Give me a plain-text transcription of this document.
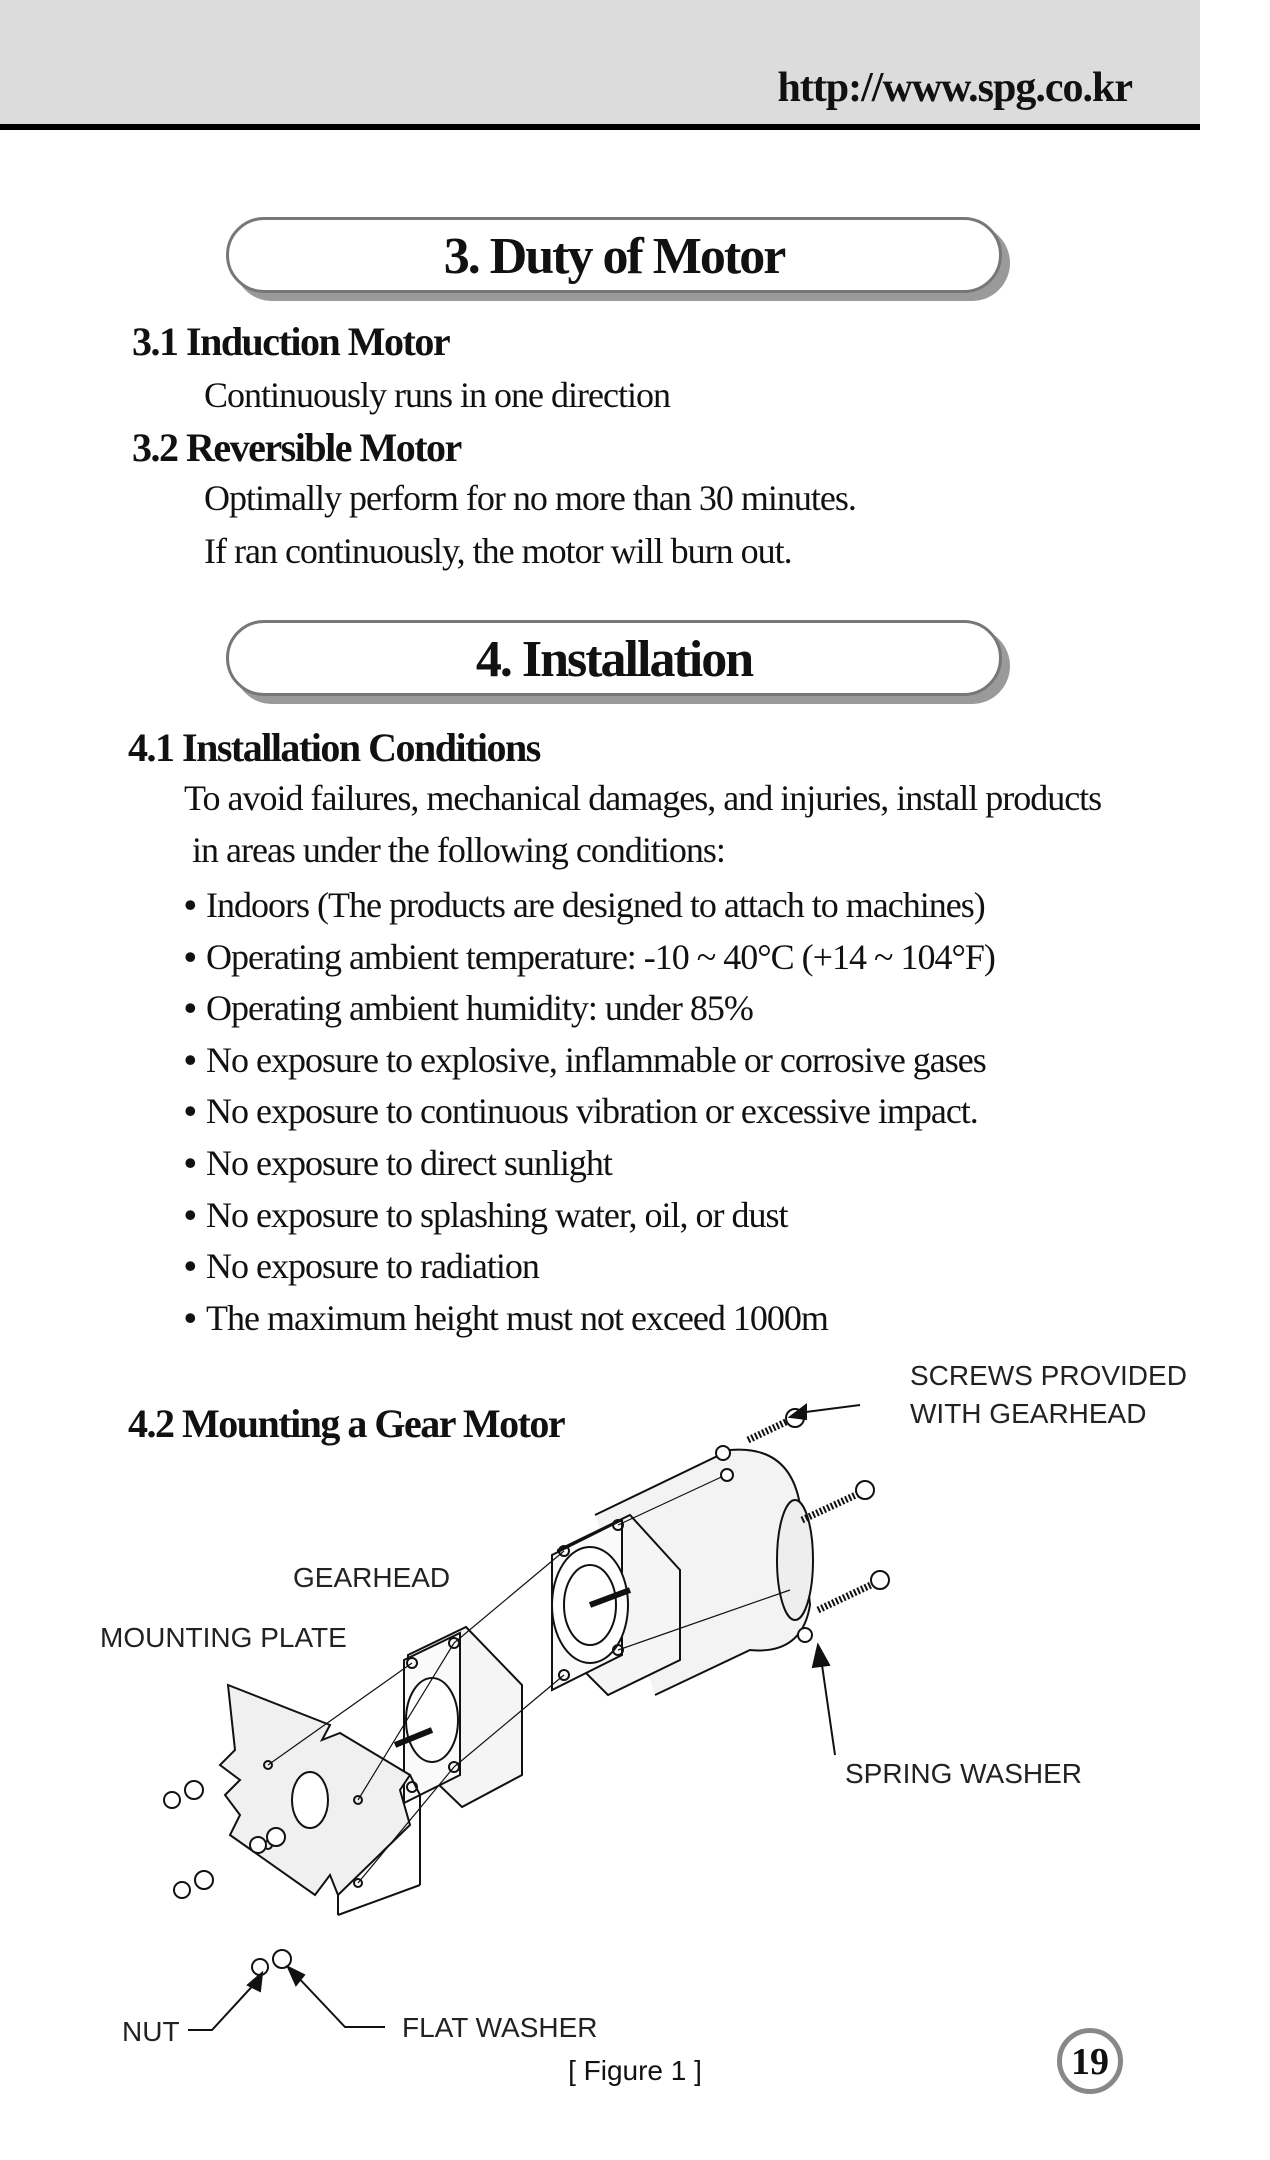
http://www.spg.co.kr
3. Duty of Motor
3.1 Induction Motor
Continuously runs in one direction
3.2 Reversible Motor
Optimally perform for no more than 30 minutes.
If ran continuously, the motor will burn out.
4. Installation
4.1 Installation Conditions
To avoid failures, mechanical damages, and injuries, install products
in areas under the following conditions:
• Indoors (The products are designed to attach to machines)
• Operating ambient temperature: -10 ~ 40°C (+14 ~ 104°F)
• Operating ambient humidity: under 85%
• No exposure to explosive, inflammable or corrosive gases
• No exposure to continuous vibration or excessive impact.
• No exposure to direct sunlight
• No exposure to splashing water, oil, or dust
• No exposure to radiation
• The maximum height must not exceed 1000m
4.2 Mounting a Gear Motor
SCREWS PROVIDED
WITH GEARHEAD
GEARHEAD
MOUNTING PLATE
SPRING WASHER
NUT	FLAT WASHER
[ Figure 1 ]	19
